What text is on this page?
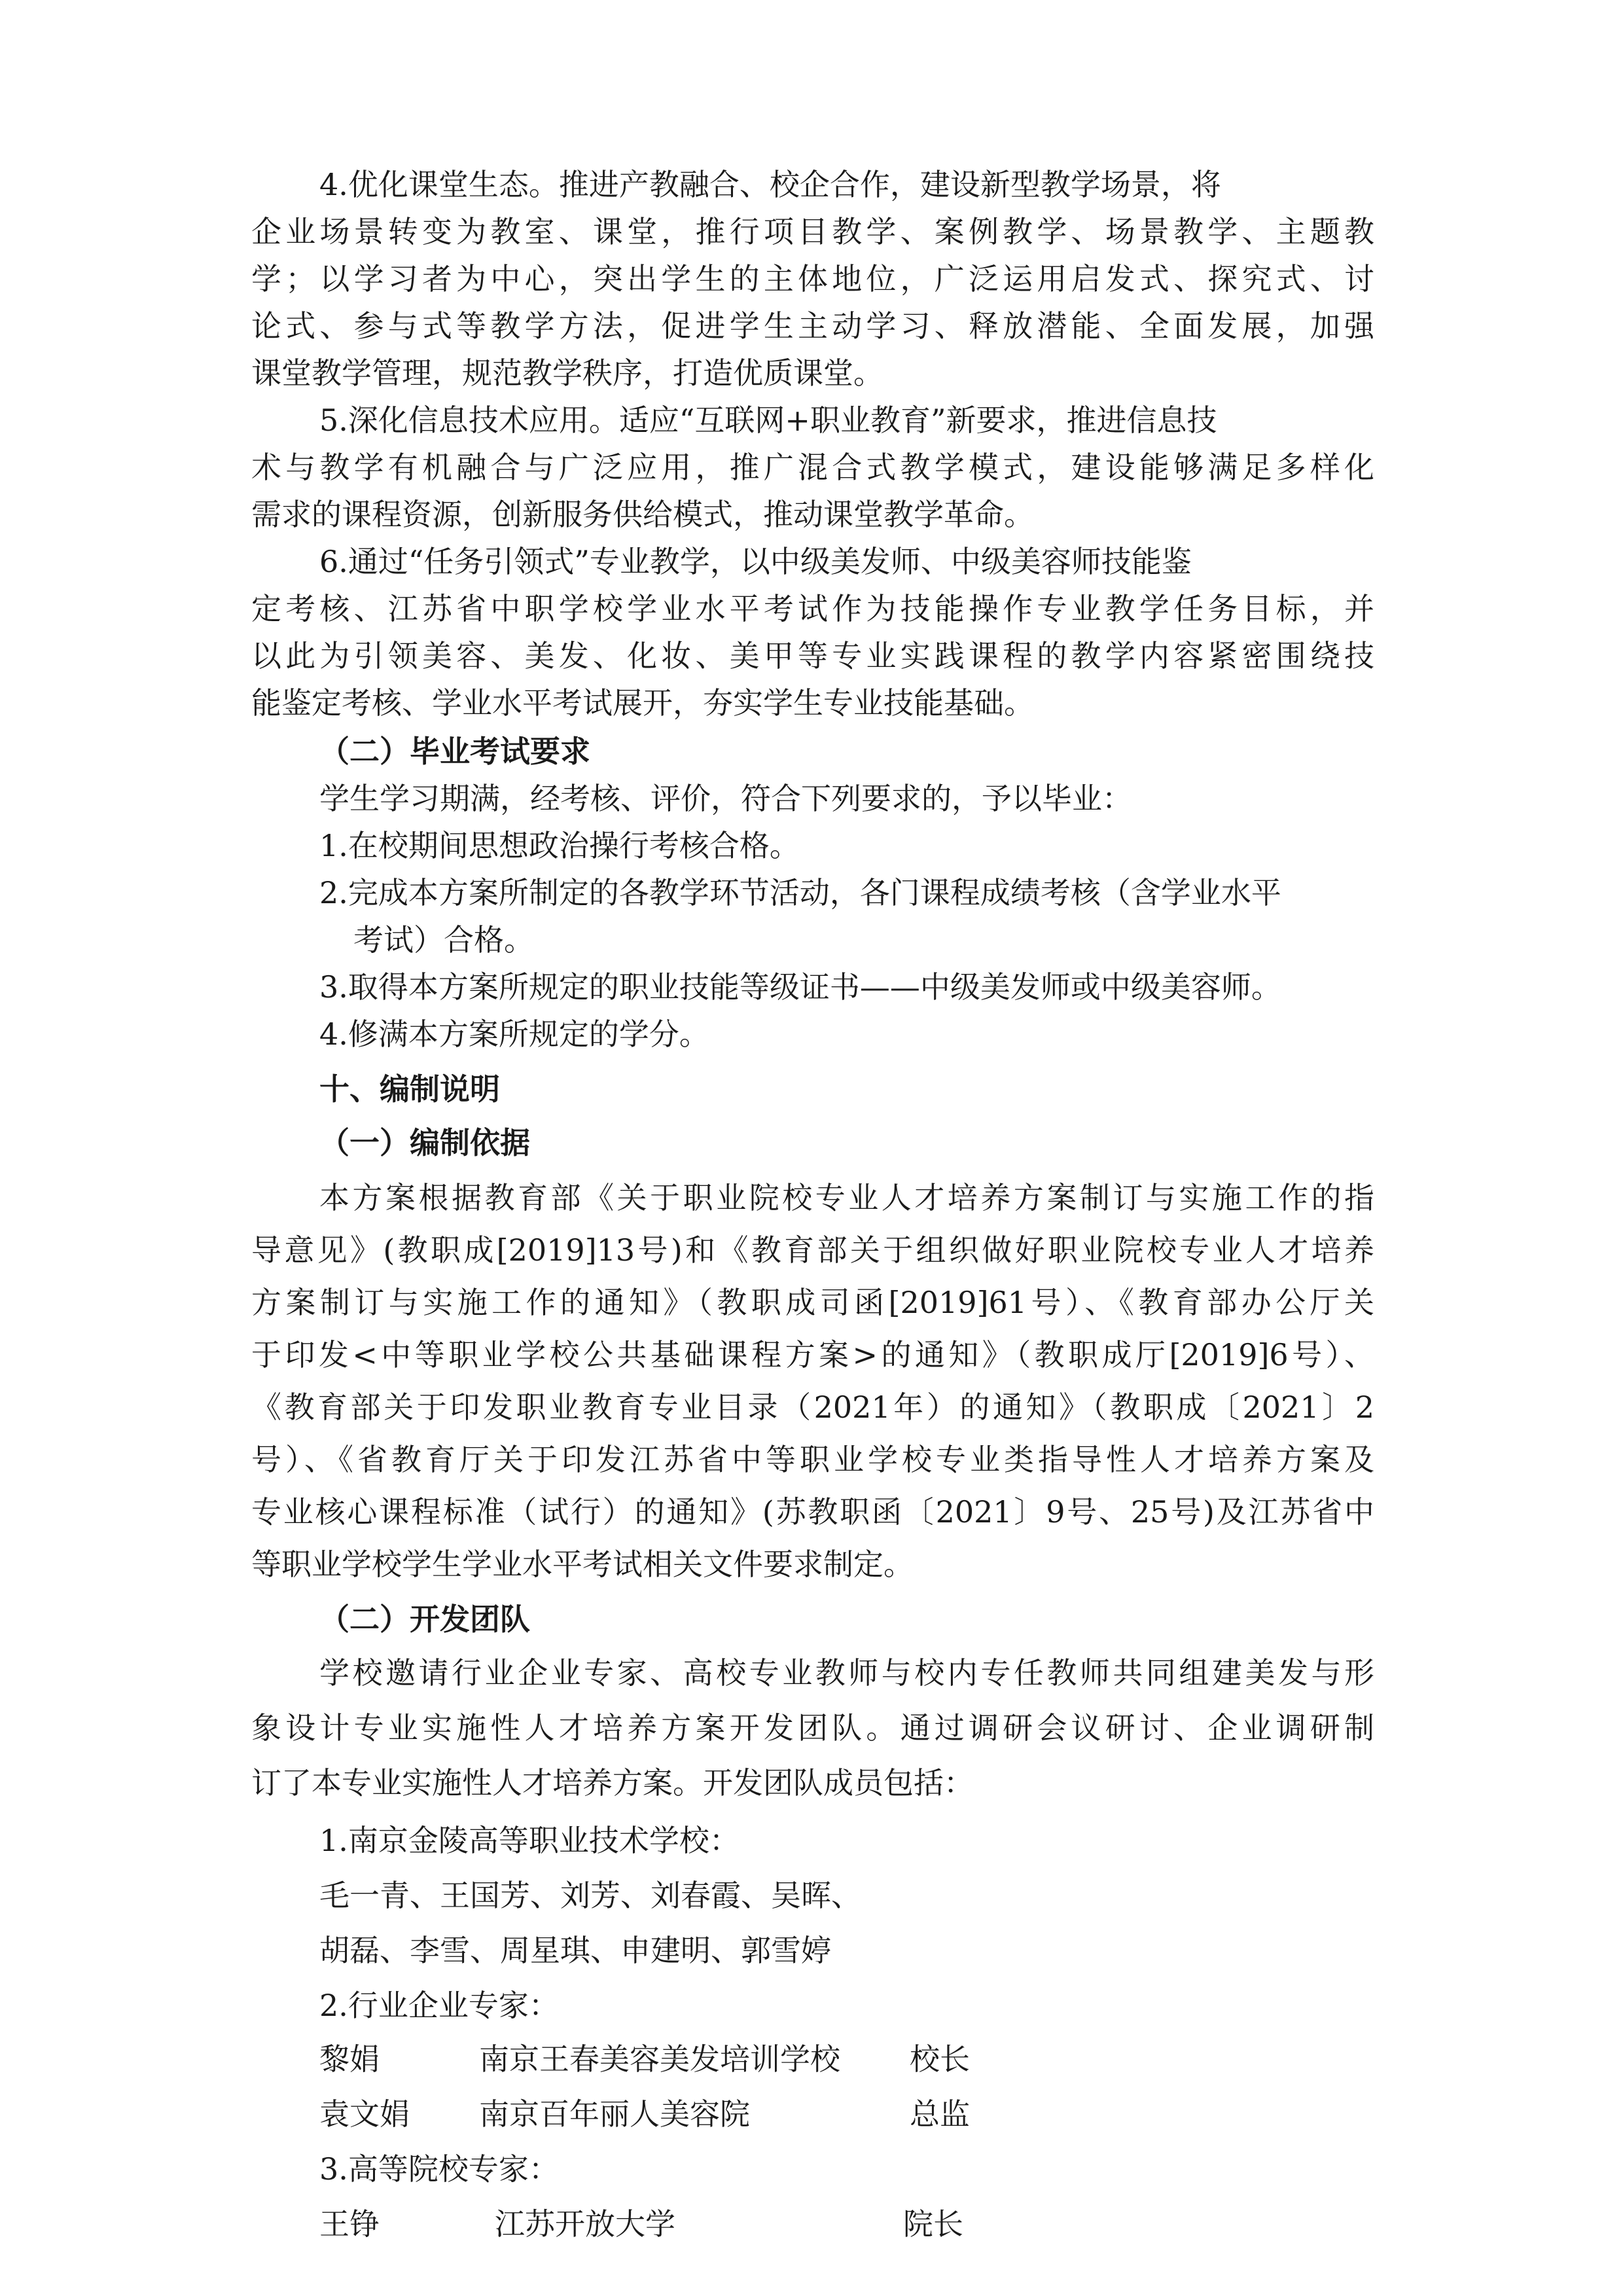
4.优化课堂生态。推进产教融合、校企合作，建设新型教学场景，将
企业场景转变为教室、课堂，推行项目教学、案例教学、场景教学、主题教
学；以学习者为中心，突出学生的主体地位，广泛运用启发式、探究式、讨
论式、参与式等教学方法，促进学生主动学习、释放潜能、全面发展，加强
课堂教学管理，规范教学秩序，打造优质课堂。
5.深化信息技术应用。适应“互联网+职业教育”新要求，推进信息技
术与教学有机融合与广泛应用，推广混合式教学模式，建设能够满足多样化
需求的课程资源，创新服务供给模式，推动课堂教学革命。
6.通过“任务引领式”专业教学，以中级美发师、中级美容师技能鉴
定考核、江苏省中职学校学业水平考试作为技能操作专业教学任务目标，并
以此为引领美容、美发、化妆、美甲等专业实践课程的教学内容紧密围绕技
能鉴定考核、学业水平考试展开，夯实学生专业技能基础。
（二）毕业考试要求
学生学习期满，经考核、评价，符合下列要求的，予以毕业：
1.在校期间思想政治操行考核合格。
2.完成本方案所制定的各教学环节活动，各门课程成绩考核（含学业水平
考试）合格。
3.取得本方案所规定的职业技能等级证书——中级美发师或中级美容师。
4.修满本方案所规定的学分。
十、编制说明
（一）编制依据
本方案根据教育部《关于职业院校专业人才培养方案制订与实施工作的指
导意见》(教职成[2019]13号)和《教育部关于组织做好职业院校专业人才培养
方案制订与实施工作的通知》（教职成司函[2019]61号）、《教育部办公厅关
于印发<中等职业学校公共基础课程方案>的通知》（教职成厅[2019]6号）、
《教育部关于印发职业教育专业目录（2021年）的通知》（教职成〔2021〕2
号）、《省教育厅关于印发江苏省中等职业学校专业类指导性人才培养方案及
专业核心课程标准（试行）的通知》(苏教职函〔2021〕9号、25号)及江苏省中
等职业学校学生学业水平考试相关文件要求制定。
（二）开发团队
学校邀请行业企业专家、高校专业教师与校内专任教师共同组建美发与形
象设计专业实施性人才培养方案开发团队。通过调研会议研讨、企业调研制
订了本专业实施性人才培养方案。开发团队成员包括：
1.南京金陵高等职业技术学校：
毛一青、王国芳、刘芳、刘春霞、吴晖、
胡磊、李雪、周星琪、申建明、郭雪婷
2.行业企业专家：
黎娟	南京王春美容美发培训学校 校长
袁文娟 南京百年丽人美容院	总监
3.高等院校专家：
王铮	江苏开放大学	院长
